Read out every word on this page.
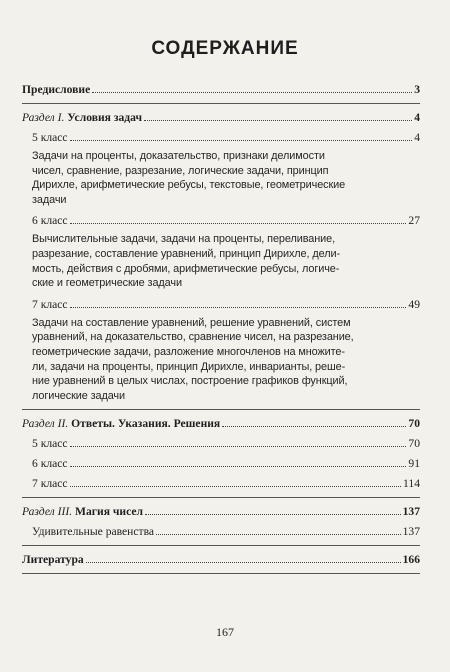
СОДЕРЖАНИЕ
Предисловие	3
Раздел I. Условия задач	4
5 класс	4
Задачи на проценты, доказательство, признаки делимости
чисел, сравнение, разрезание, логические задачи, принцип
Дирихле, арифметические ребусы, текстовые, геометрические
задачи
6 класс	27
Вычислительные задачи, задачи на проценты, переливание,
разрезание, составление уравнений, принцип Дирихле, дели-
мость, действия с дробями, арифметические ребусы, логиче-
ские и геометрические задачи
7 класс	49
Задачи на составление уравнений, решение уравнений, систем
уравнений, на доказательство, сравнение чисел, на разрезание,
геометрические задачи, разложение многочленов на множите-
ли, задачи на проценты, принцип Дирихле, инварианты, реше-
ние уравнений в целых числах, построение графиков функций,
логические задачи
Раздел II. Ответы. Указания. Решения	70
5 класс	70
6 класс	91
7 класс	114
Раздел III. Магия чисел	137
Удивительные равенства	137
Литература	166
167
